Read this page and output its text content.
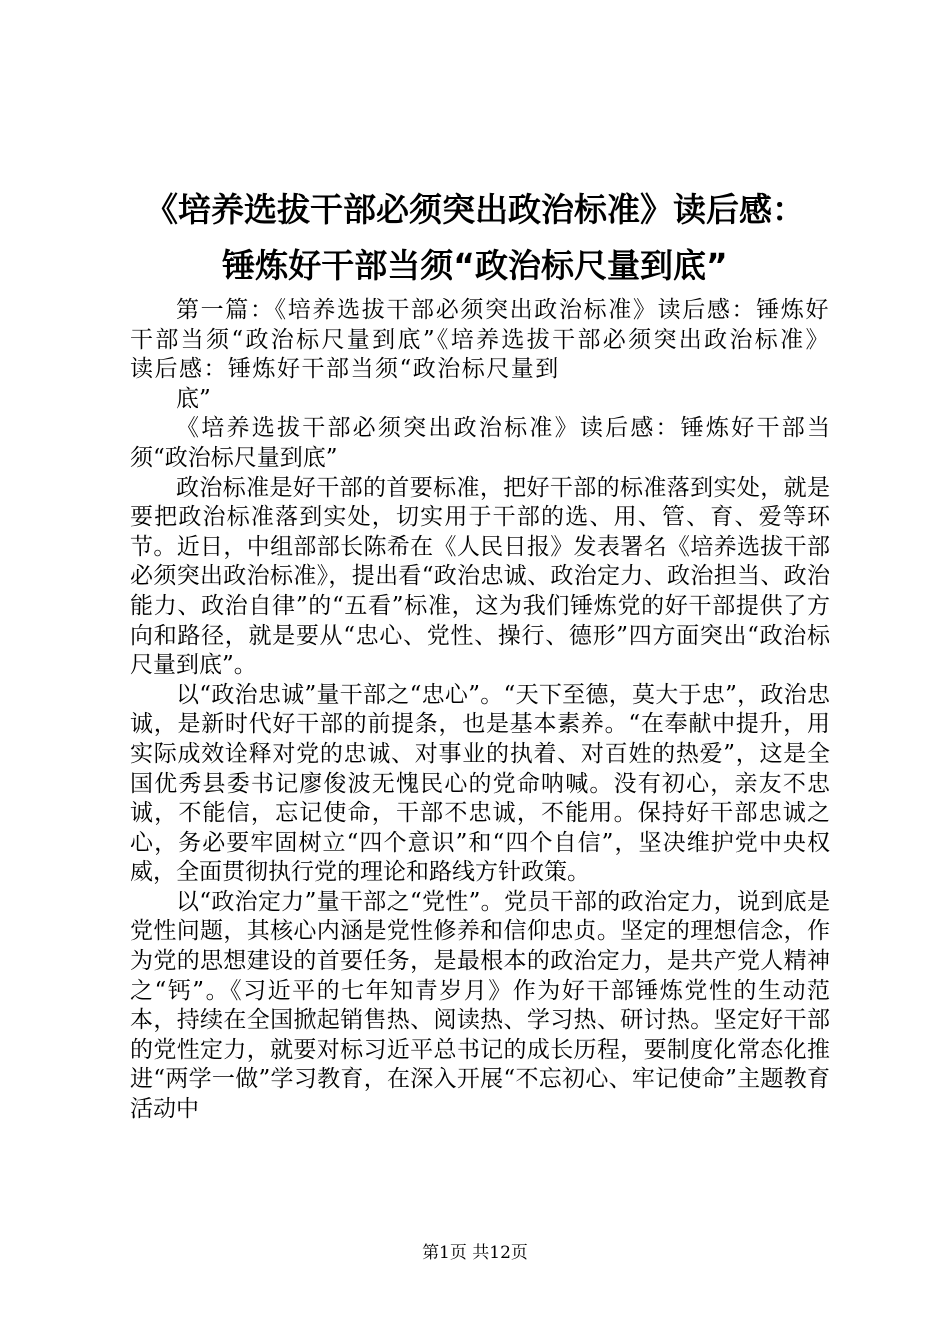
《培养选拔干部必须突出政治标准》读后感：
锤炼好干部当须“政治标尺量到底”

第一篇：《培养选拔干部必须突出政治标准》读后感：锤炼好干部当须“政治标尺量到底”《培养选拔干部必须突出政治标准》读后感：锤炼好干部当须“政治标尺量到

底”

《培养选拔干部必须突出政治标准》读后感：锤炼好干部当须“政治标尺量到底”

政治标准是好干部的首要标准，把好干部的标准落到实处，就是要把政治标准落到实处，切实用于干部的选、用、管、育、爱等环节。近日，中组部部长陈希在《人民日报》发表署名《培养选拔干部必须突出政治标准》，提出看“政治忠诚、政治定力、政治担当、政治能力、政治自律”的“五看”标准，这为我们锤炼党的好干部提供了方向和路径，就是要从“忠心、党性、操行、德形”四方面突出“政治标尺量到底”。

以“政治忠诚”量干部之“忠心”。“天下至德，莫大于忠”，政治忠诚，是新时代好干部的前提条，也是基本素养。“在奉献中提升，用实际成效诠释对党的忠诚、对事业的执着、对百姓的热爱”，这是全国优秀县委书记廖俊波无愧民心的党命呐喊。没有初心，亲友不忠诚，不能信，忘记使命，干部不忠诚，不能用。保持好干部忠诚之心，务必要牢固树立“四个意识”和“四个自信”，坚决维护党中央权威，全面贯彻执行党的理论和路线方针政策。

以“政治定力”量干部之“党性”。党员干部的政治定力，说到底是党性问题，其核心内涵是党性修养和信仰忠贞。坚定的理想信念，作为党的思想建设的首要任务，是最根本的政治定力，是共产党人精神之“钙”。《习近平的七年知青岁月》作为好干部锤炼党性的生动范本，持续在全国掀起销售热、阅读热、学习热、研讨热。坚定好干部的党性定力，就要对标习近平总书记的成长历程，要制度化常态化推进“两学一做”学习教育，在深入开展“不忘初心、牢记使命”主题教育活动中

第1页 共12页
